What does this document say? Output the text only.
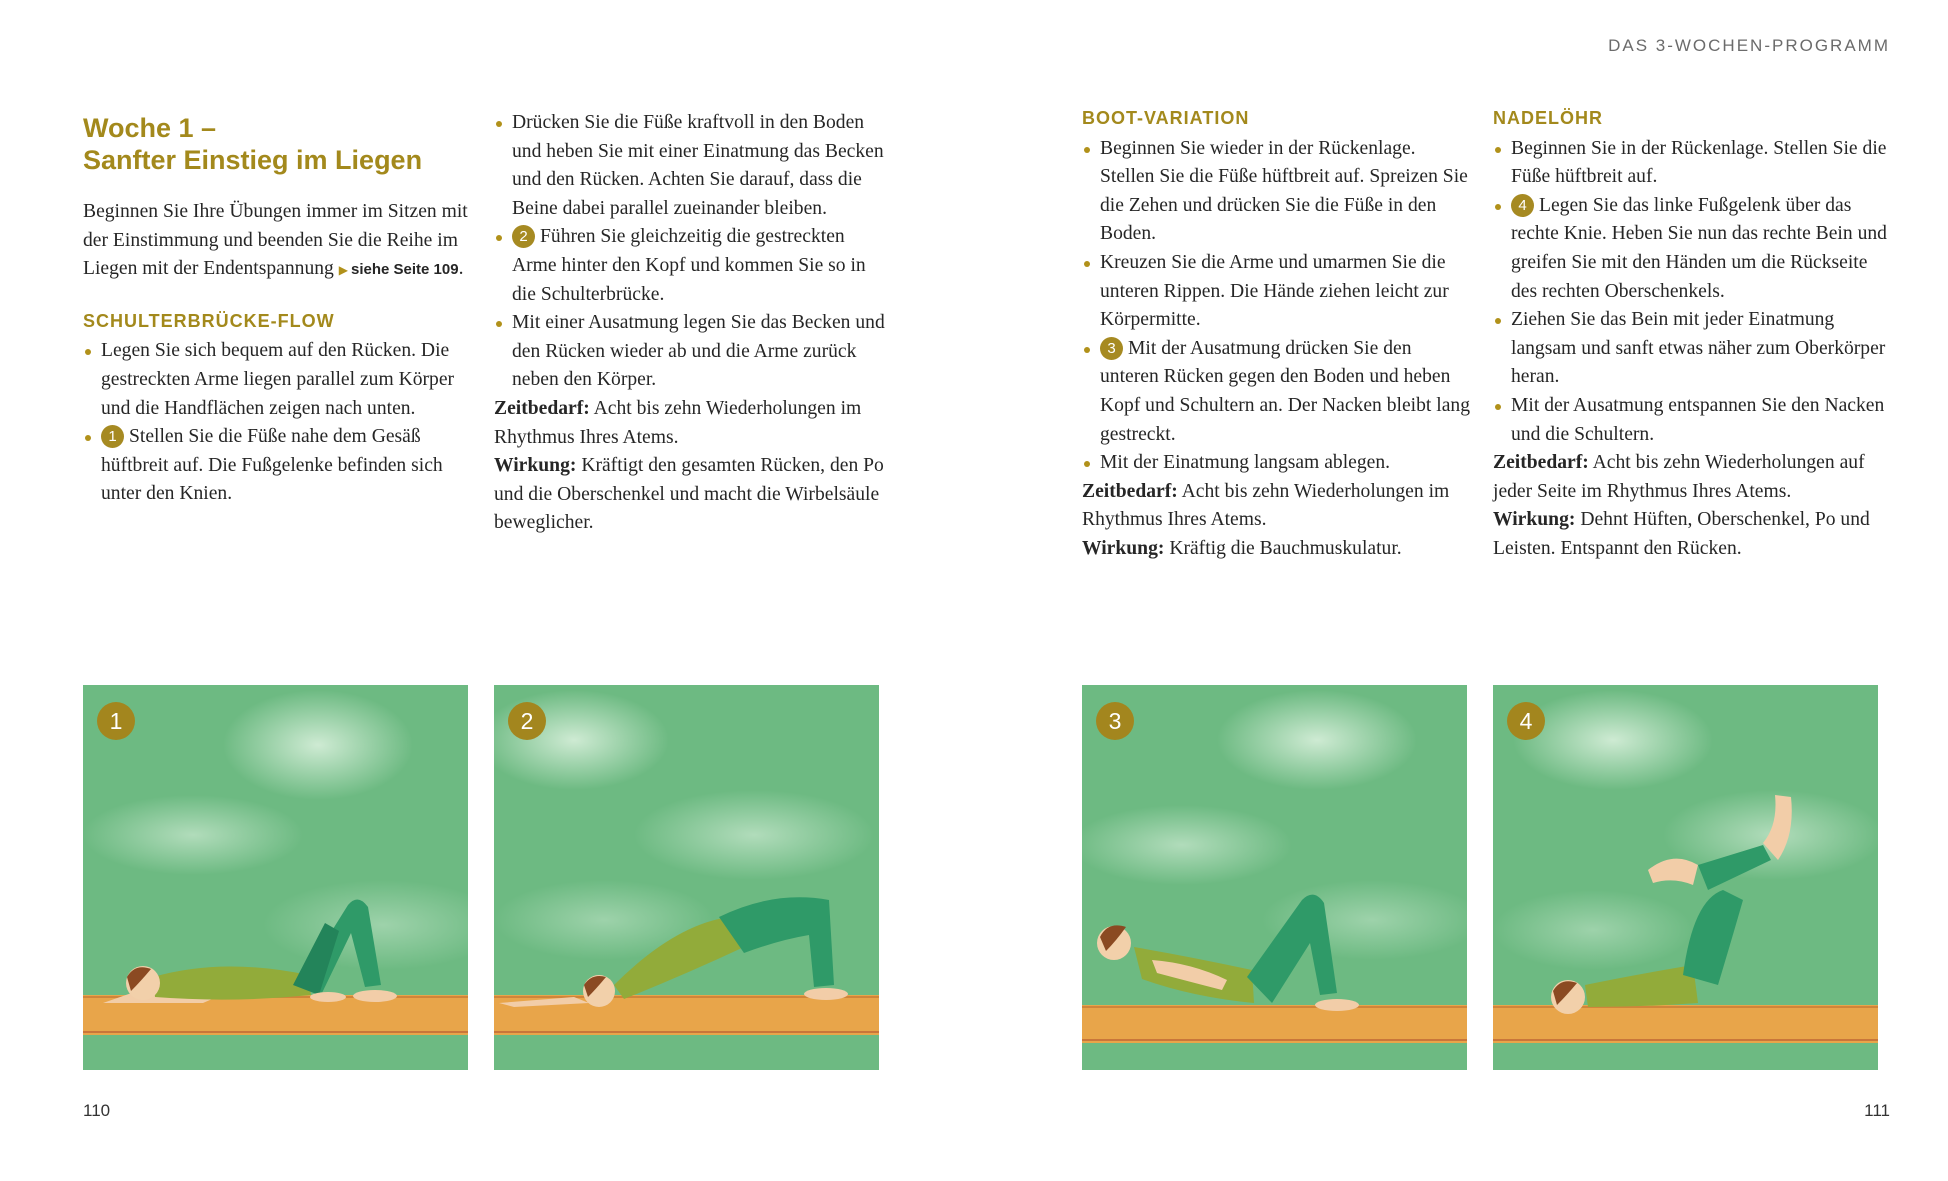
DAS 3-WOCHEN-PROGRAMM
Woche 1 –
Sanfter Einstieg im Liegen

Beginnen Sie Ihre Übungen immer im Sitzen mit der Einstimmung und beenden Sie die Reihe im Liegen mit der Endentspannung ▶ siehe Seite 109.

SCHULTERBRÜCKE-FLOW
Legen Sie sich bequem auf den Rücken. Die gestreckten Arme liegen parallel zum Körper und die Handflächen zeigen nach unten.
1 Stellen Sie die Füße nahe dem Gesäß hüftbreit auf. Die Fußgelenke befinden sich unter den Knien.
Drücken Sie die Füße kraftvoll in den Boden und heben Sie mit einer Einatmung das Becken und den Rücken. Achten Sie darauf, dass die Beine dabei parallel zueinander bleiben.
2 Führen Sie gleichzeitig die gestreckten Arme hinter den Kopf und kommen Sie so in die Schulterbrücke.
Mit einer Ausatmung legen Sie das Becken und den Rücken wieder ab und die Arme zurück neben den Körper.

Zeitbedarf: Acht bis zehn Wiederholungen im Rhythmus Ihres Atems.

Wirkung: Kräftigt den gesamten Rücken, den Po und die Oberschenkel und macht die Wirbelsäule beweglicher.

BOOT-VARIATION
Beginnen Sie wieder in der Rückenlage. Stellen Sie die Füße hüftbreit auf. Spreizen Sie die Zehen und drücken Sie die Füße in den Boden.
Kreuzen Sie die Arme und umarmen Sie die unteren Rippen. Die Hände ziehen leicht zur Körpermitte.
3 Mit der Ausatmung drücken Sie den unteren Rücken gegen den Boden und heben Kopf und Schultern an. Der Nacken bleibt lang gestreckt.
Mit der Einatmung langsam ablegen.

Zeitbedarf: Acht bis zehn Wiederholungen im Rhythmus Ihres Atems.

Wirkung: Kräftig die Bauchmuskulatur.

NADELÖHR
Beginnen Sie in der Rückenlage. Stellen Sie die Füße hüftbreit auf.
4 Legen Sie das linke Fußgelenk über das rechte Knie. Heben Sie nun das rechte Bein und greifen Sie mit den Händen um die Rückseite des rechten Oberschenkels.
Ziehen Sie das Bein mit jeder Einatmung langsam und sanft etwas näher zum Oberkörper heran.
Mit der Ausatmung entspannen Sie den Nacken und die Schultern.

Zeitbedarf: Acht bis zehn Wiederholungen auf jeder Seite im Rhythmus Ihres Atems.

Wirkung: Dehnt Hüften, Oberschenkel, Po und Leisten. Entspannt den Rücken.

1	2	3	4
110	111
